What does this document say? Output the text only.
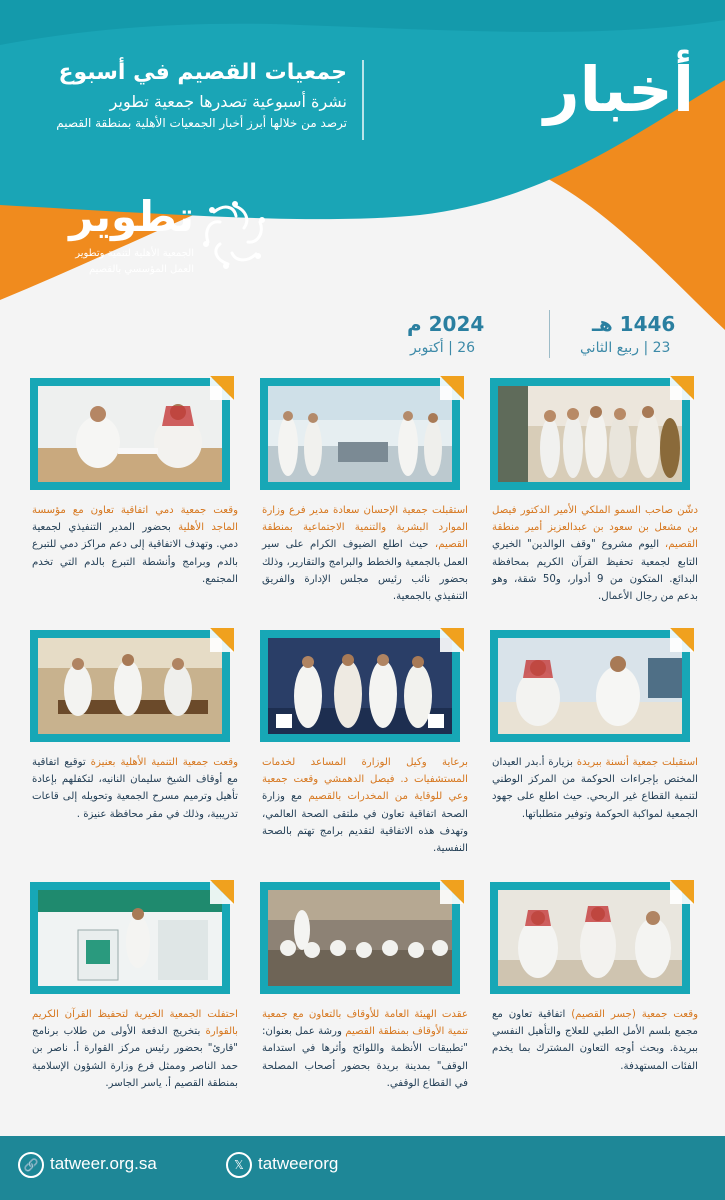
أخبار
جمعيات القصيم في أسبوع
نشرة أسبوعية تصدرها جمعية تطوير
ترصد من خلالها أبرز أخبار الجمعيات الأهلية بمنطقة القصيم
تطوير
الجمعية الأهلية لتنمية وتطوير
العمل المؤسسي بالقصيم
1446 هـ
23 | ربيع الثاني
2024 م
26 | أكتوبر
دشّن صاحب السمو الملكي الأمير الدكتور فيصل بن مشعل بن سعود بن عبدالعزيز أمير منطقة القصيم، اليوم مشروع "وقف الوالدين" الخيري التابع لجمعية تحفيظ القرآن الكريم بمحافظة البدائع. المتكون من 9 أدوار، و50 شقة، وهو بدعم من رجال الأعمال.
استقبلت جمعية الإحسان سعادة مدير فرع وزارة الموارد البشرية والتنمية الاجتماعية بمنطقة القصيم، حيث اطلع الضيوف الكرام على سير العمل بالجمعية والخطط والبرامج والتقارير، وذلك بحضور نائب رئيس مجلس الإدارة والفريق التنفيذي بالجمعية.
وقعت جمعية دمي اتفاقية تعاون مع مؤسسة الماجد الأهلية بحضور المدير التنفيذي لجمعية دمي. وتهدف الاتفاقية إلى دعم مراكز دمي للتبرع بالدم وبرامج وأنشطة التبرع بالدم التي تخدم المجتمع.
استقبلت جمعية أنسنة ببريدة بزيارة أ.بدر العيدان المختص بإجراءات الحوكمة من المركز الوطني لتنمية القطاع غير الربحي. حيث اطلع على جهود الجمعية لمواكبة الحوكمة وتوفير متطلباتها.
برعاية وكيل الوزارة المساعد لخدمات المستشفيات د. فيصل الدهمشي وقعت جمعية وعي للوقاية من المخدرات بالقصيم مع وزارة الصحة اتفاقية تعاون في ملتقى الصحة العالمي، وتهدف هذه الاتفاقية لتقديم برامج تهتم بالصحة النفسية.
وقعت جمعية التنمية الأهلية بعنيزة توقيع اتفاقية مع أوقاف الشيخ سليمان النانيه، لتكفلهم بإعادة تأهيل وترميم مسرح الجمعية وتحويله إلى قاعات تدريبية، وذلك في مقر محافظة عنيزة .
وقعت جمعية (جسر القصيم) اتفاقية تعاون مع مجمع بلسم الأمل الطبي للعلاج والتأهيل النفسي ببريدة. وبحث أوجه التعاون المشترك بما يخدم الفئات المستهدفة.
عقدت الهيئة العامة للأوقاف بالتعاون مع جمعية تنمية الأوقاف بمنطقة القصيم ورشة عمل بعنوان: "تطبيقات الأنظمة واللوائح وأثرها في استدامة الوقف" بمدينة بريدة بحضور أصحاب المصلحة في القطاع الوقفي.
احتفلت الجمعية الخيرية لتحفيظ القرآن الكريم بالقوارة بتخريج الدفعة الأولى من طلاب برنامج "قارئ" بحضور رئيس مركز القوارة أ. ناصر بن حمد الناصر وممثل فرع وزارة الشؤون الإسلامية بمنطقة القصيم أ. ياسر الجاسر.
🔗 tatweer.org.sa	𝕏 tatweerorg
